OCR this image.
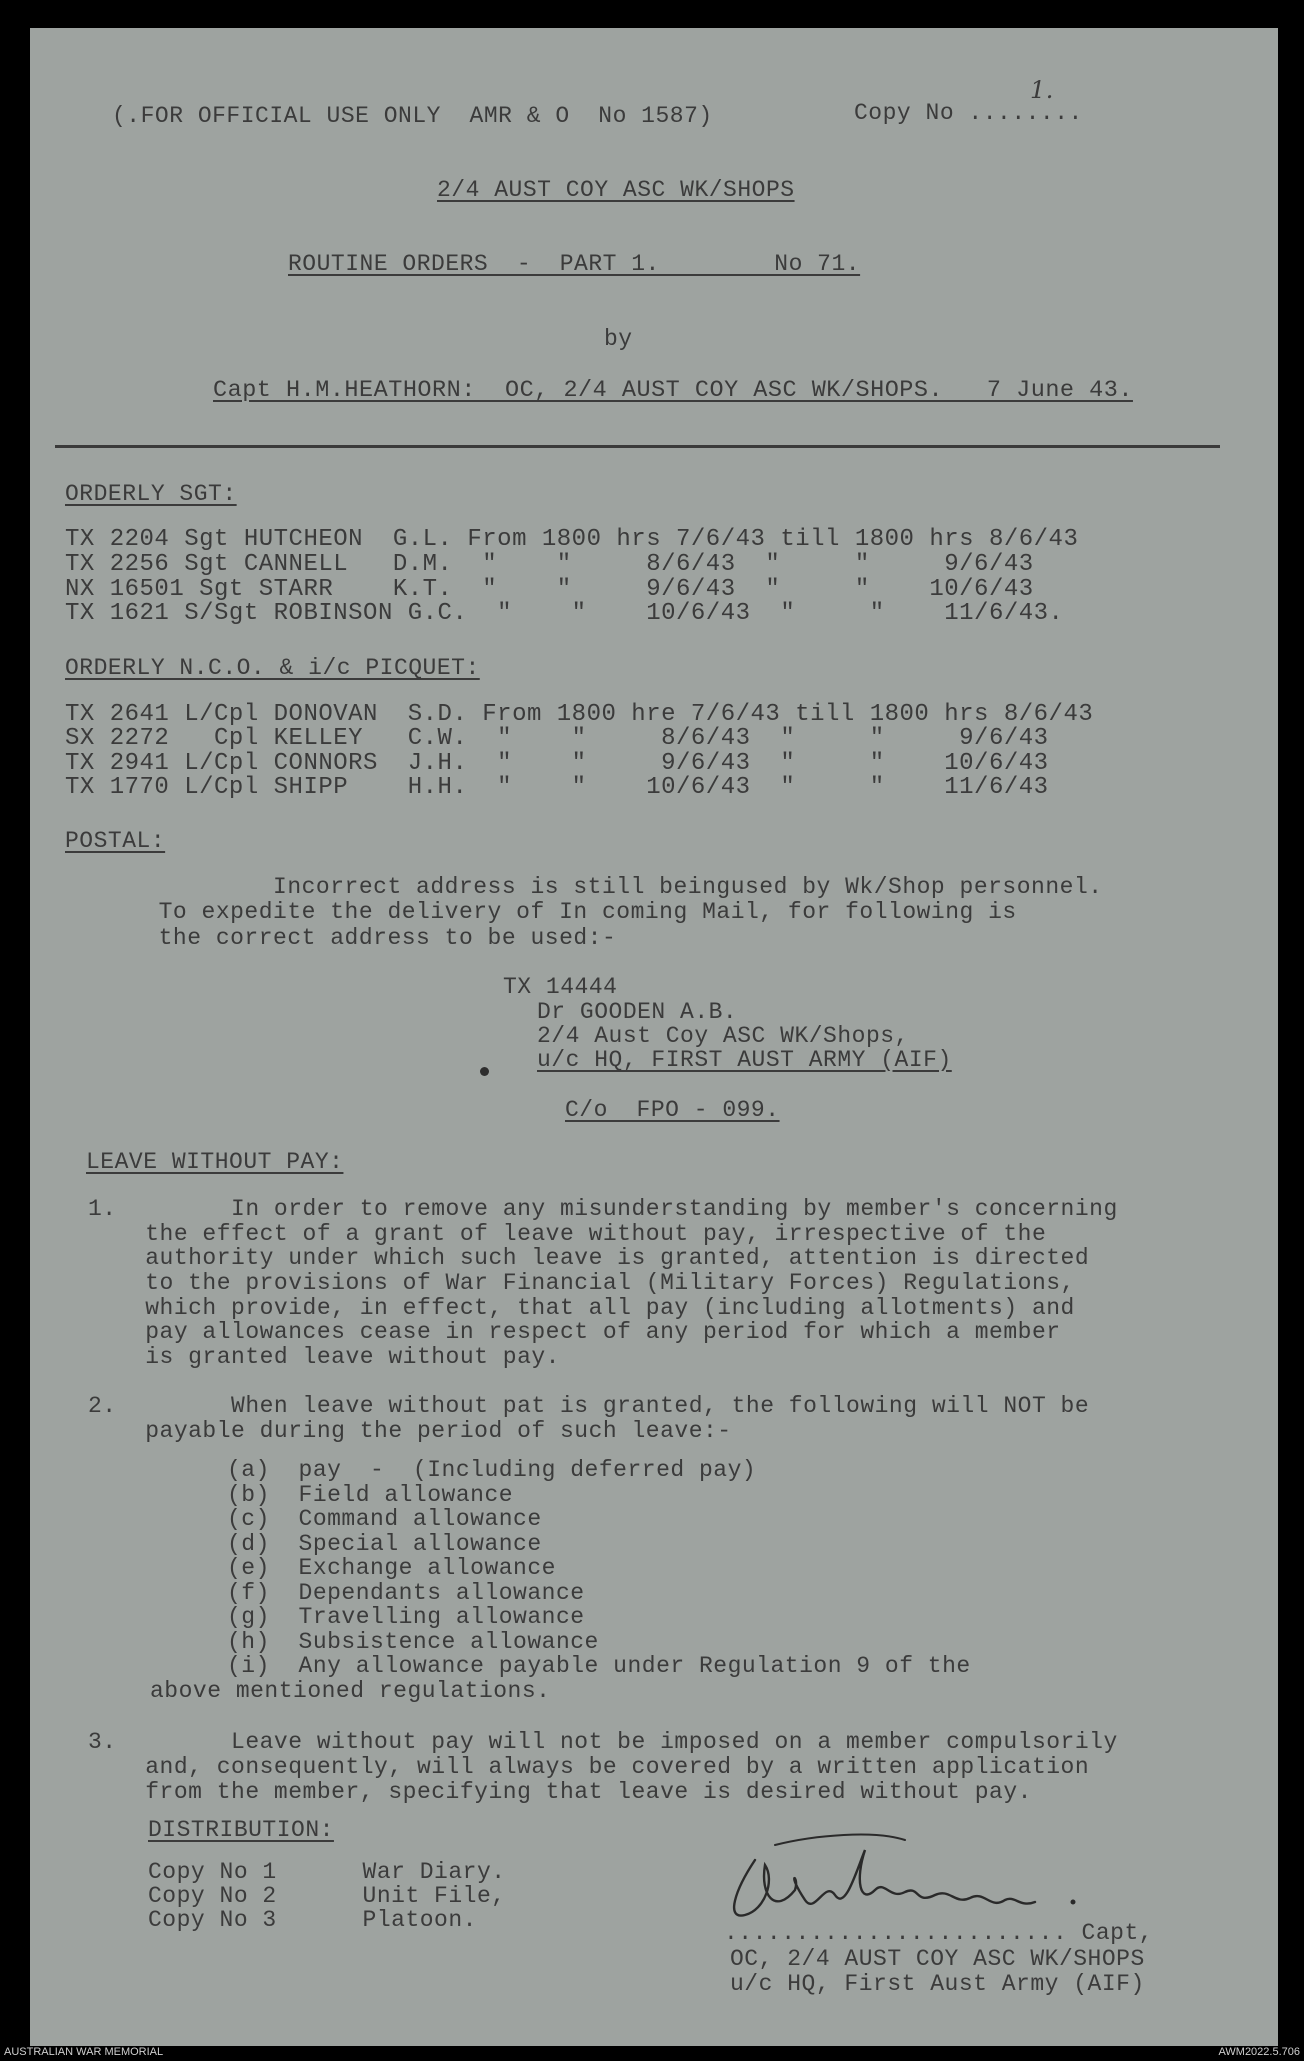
(.FOR OFFICIAL USE ONLY  AMR & O  No 1587)	Copy No ........
1.
2/4 AUST COY ASC WK/SHOPS
ROUTINE ORDERS  -  PART 1.        No 71.
by
Capt H.M.HEATHORN:  OC, 2/4 AUST COY ASC WK/SHOPS.   7 June 43.
ORDERLY SGT:
TX 2204 Sgt HUTCHEON  G.L. From 1800 hrs 7/6/43 till 1800 hrs 8/6/43
TX 2256 Sgt CANNELL   D.M.  "    "     8/6/43  "     "     9/6/43
NX 16501 Sgt STARR    K.T.  "    "     9/6/43  "     "    10/6/43
TX 1621 S/Sgt ROBINSON G.C.  "    "    10/6/43  "     "    11/6/43.
ORDERLY N.C.O. & i/c PICQUET:
TX 2641 L/Cpl DONOVAN  S.D. From 1800 hre 7/6/43 till 1800 hrs 8/6/43
SX 2272   Cpl KELLEY   C.W.  "    "     8/6/43  "     "     9/6/43
TX 2941 L/Cpl CONNORS  J.H.  "    "     9/6/43  "     "    10/6/43
TX 1770 L/Cpl SHIPP    H.H.  "    "    10/6/43  "     "    11/6/43
POSTAL:
Incorrect address is still beingused by Wk/Shop personnel.
To expedite the delivery of In coming Mail, for following is
the correct address to be used:-
TX 14444
Dr GOODEN A.B.
2/4 Aust Coy ASC WK/Shops,
u/c HQ, FIRST AUST ARMY (AIF)
C/o  FPO - 099.
LEAVE WITHOUT PAY:
1.        In order to remove any misunderstanding by member's concerning
the effect of a grant of leave without pay, irrespective of the
authority under which such leave is granted, attention is directed
to the provisions of War Financial (Military Forces) Regulations,
which provide, in effect, that all pay (including allotments) and
pay allowances cease in respect of any period for which a member
is granted leave without pay.
2.        When leave without pat is granted, the following will NOT be
payable during the period of such leave:-
(a)  pay  -  (Including deferred pay)
(b)  Field allowance
(c)  Command allowance
(d)  Special allowance
(e)  Exchange allowance
(f)  Dependants allowance
(g)  Travelling allowance
(h)  Subsistence allowance
(i)  Any allowance payable under Regulation 9 of the
above mentioned regulations.
3.        Leave without pay will not be imposed on a member compulsorily
and, consequently, will always be covered by a written application
from the member, specifying that leave is desired without pay.
DISTRIBUTION:
Copy No 1      War Diary.
Copy No 2      Unit File,
Copy No 3      Platoon.	........................ Capt,
OC, 2/4 AUST COY ASC WK/SHOPS
u/c HQ, First Aust Army (AIF)
AUSTRALIAN WAR MEMORIAL	AWM2022.5.706
